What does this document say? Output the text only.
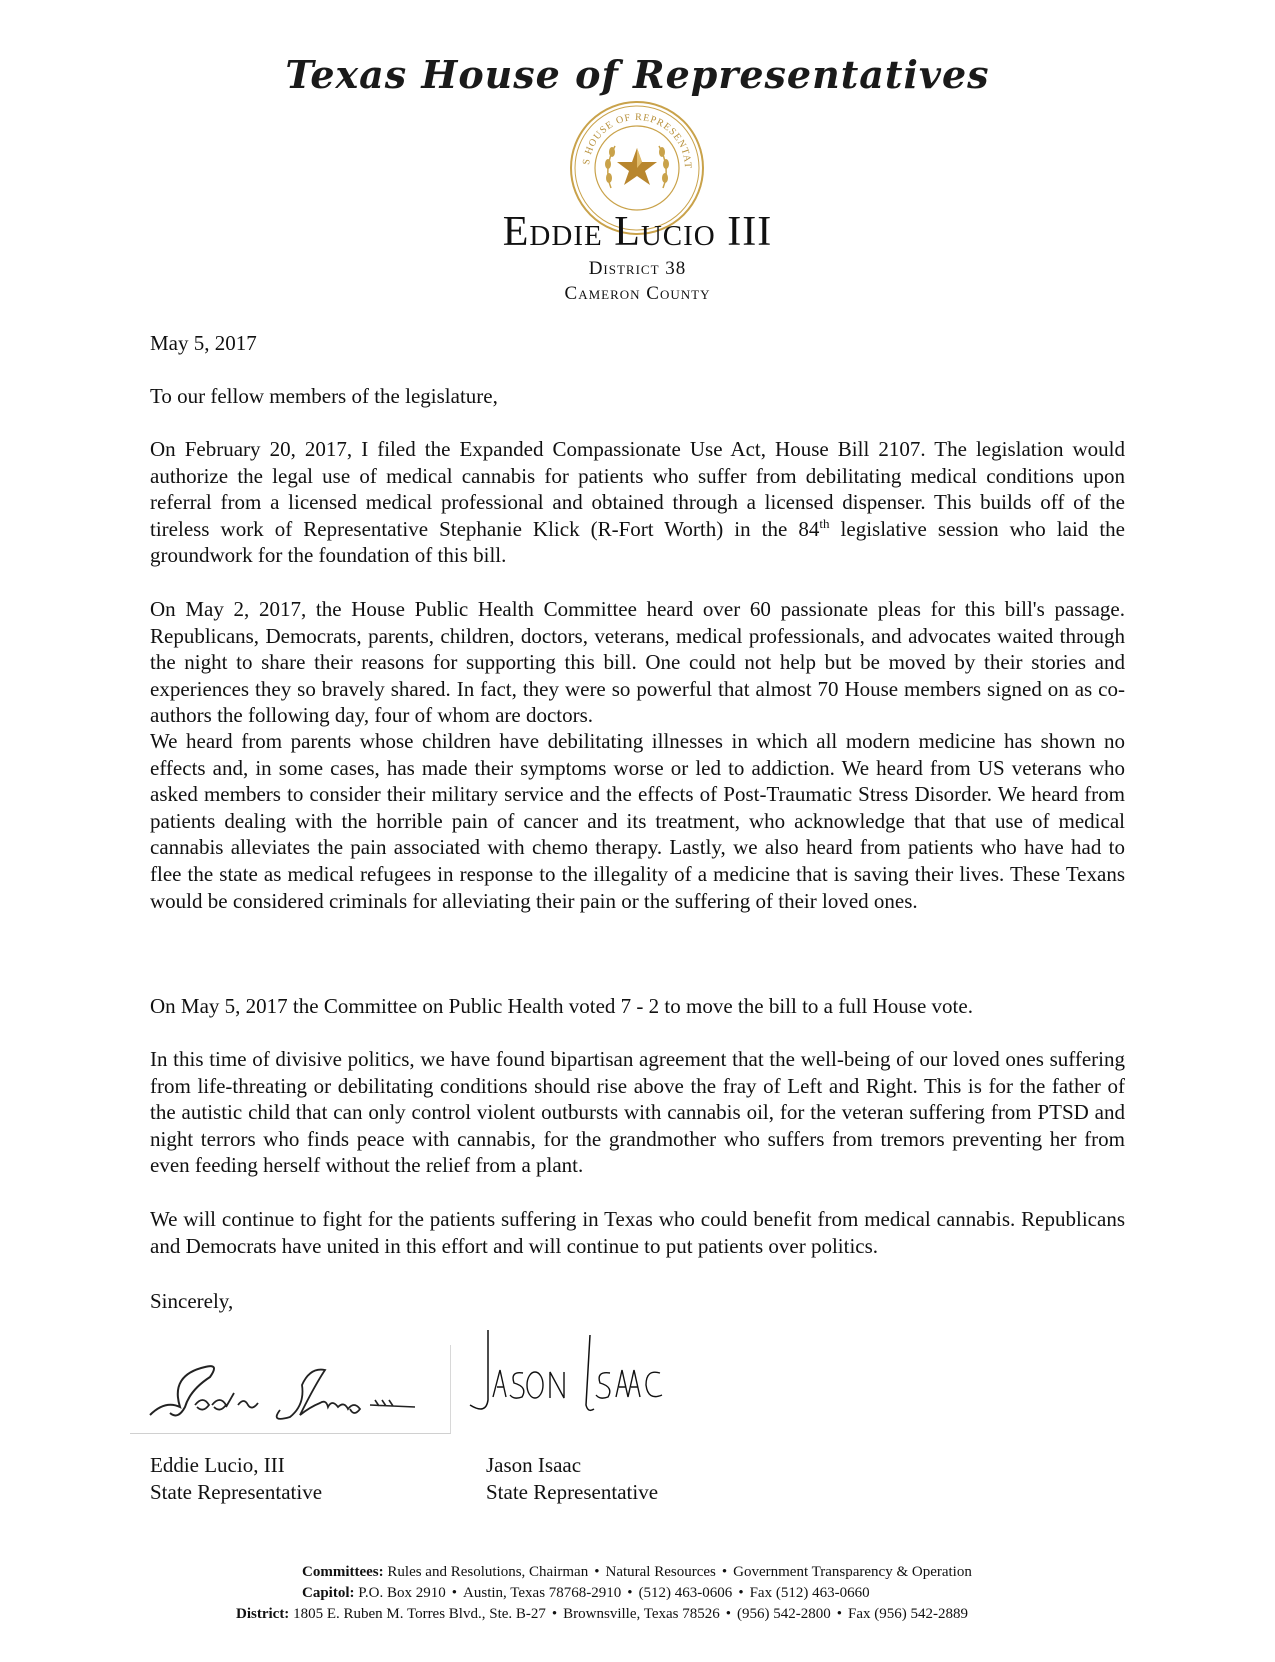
Texas House of Representatives
S HOUSE OF REPRESENTAT
Eddie Lucio III
District 38
Cameron County
May 5, 2017
To our fellow members of the legislature,

On February 20, 2017, I filed the Expanded Compassionate Use Act, House Bill 2107. The legislation would authorize the legal use of medical cannabis for patients who suffer from debilitating medical conditions upon referral from a licensed medical professional and obtained through a licensed dispenser. This builds off of the tireless work of Representative Stephanie Klick (R-Fort Worth) in the 84th legislative session who laid the groundwork for the foundation of this bill.

On May 2, 2017, the House Public Health Committee heard over 60 passionate pleas for this bill's passage. Republicans, Democrats, parents, children, doctors, veterans, medical professionals, and advocates waited through the night to share their reasons for supporting this bill. One could not help but be moved by their stories and experiences they so bravely shared. In fact, they were so powerful that almost 70 House members signed on as co-authors the following day, four of whom are doctors.

We heard from parents whose children have debilitating illnesses in which all modern medicine has shown no effects and, in some cases, has made their symptoms worse or led to addiction. We heard from US veterans who asked members to consider their military service and the effects of Post-Traumatic Stress Disorder. We heard from patients dealing with the horrible pain of cancer and its treatment, who acknowledge that that use of medical cannabis alleviates the pain associated with chemo therapy. Lastly, we also heard from patients who have had to flee the state as medical refugees in response to the illegality of a medicine that is saving their lives. These Texans would be considered criminals for alleviating their pain or the suffering of their loved ones.

On May 5, 2017 the Committee on Public Health voted 7 - 2 to move the bill to a full House vote.

In this time of divisive politics, we have found bipartisan agreement that the well-being of our loved ones suffering from life-threating or debilitating conditions should rise above the fray of Left and Right. This is for the father of the autistic child that can only control violent outbursts with cannabis oil, for the veteran suffering from PTSD and night terrors who finds peace with cannabis, for the grandmother who suffers from tremors preventing her from even feeding herself without the relief from a plant.

We will continue to fight for the patients suffering in Texas who could benefit from medical cannabis. Republicans and Democrats have united in this effort and will continue to put patients over politics.

Sincerely,
Eddie Lucio, III
State Representative
Jason Isaac
State Representative
Committees: Rules and Resolutions, Chairman • Natural Resources • Government Transparency & Operation
Capitol: P.O. Box 2910 • Austin, Texas 78768-2910 • (512) 463-0606 • Fax (512) 463-0660
District: 1805 E. Ruben M. Torres Blvd., Ste. B-27 • Brownsville, Texas 78526 • (956) 542-2800 • Fax (956) 542-2889
